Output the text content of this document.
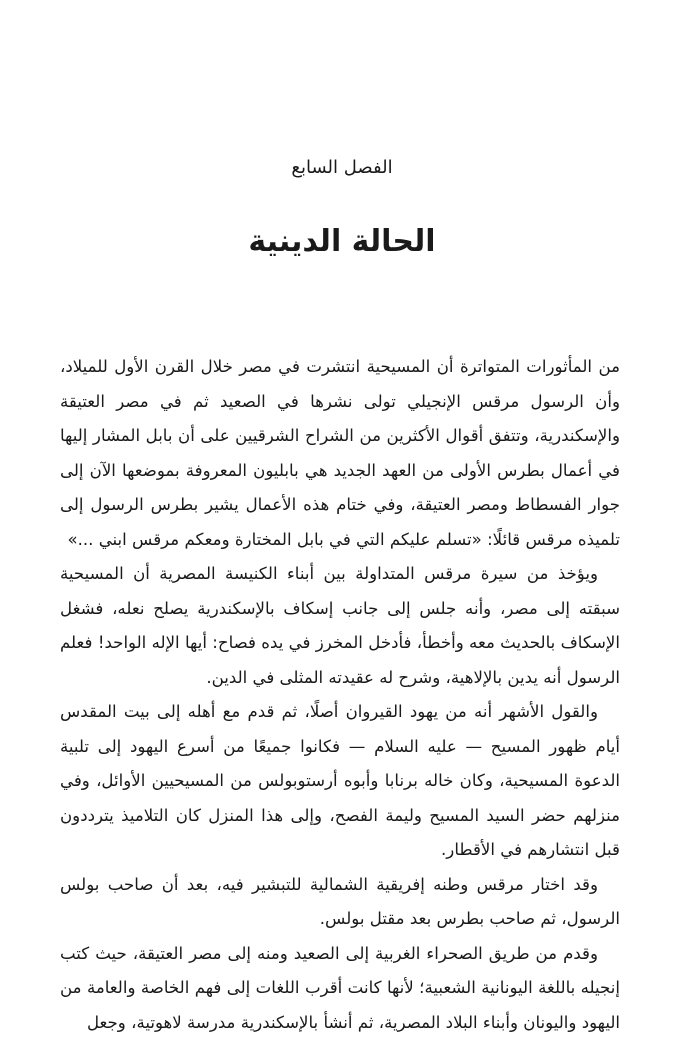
الفصل السابع
الحالة الدينية

من المأثورات المتواترة أن المسيحية انتشرت في مصر خلال القرن الأول للميلاد، وأن الرسول مرقس الإنجيلي تولى نشرها في الصعيد ثم في مصر العتيقة والإسكندرية، وتتفق أقوال الأكثرين من الشراح الشرقيين على أن بابل المشار إليها في أعمال بطرس الأولى من العهد الجديد هي بابليون المعروفة بموضعها الآن إلى جوار الفسطاط ومصر العتيقة، وفي ختام هذه الأعمال يشير بطرس الرسول إلى تلميذه مرقس قائلًا: «تسلم عليكم التي في بابل المختارة ومعكم مرقس ابني ...»

ويؤخذ من سيرة مرقس المتداولة بين أبناء الكنيسة المصرية أن المسيحية سبقته إلى مصر، وأنه جلس إلى جانب إسكاف بالإسكندرية يصلح نعله، فشغل الإسكاف بالحديث معه وأخطأ، فأدخل المخرز في يده فصاح: أيها الإله الواحد! فعلم الرسول أنه يدين بالإلاهية، وشرح له عقيدته المثلى في الدين.

والقول الأشهر أنه من يهود القيروان أصلًا، ثم قدم مع أهله إلى بيت المقدس أيام ظهور المسيح — عليه السلام — فكانوا جميعًا من أسرع اليهود إلى تلبية الدعوة المسيحية، وكان خاله برنابا وأبوه أرستوبولس من المسيحيين الأوائل، وفي منزلهم حضر السيد المسيح وليمة الفصح، وإلى هذا المنزل كان التلاميذ يترددون قبل انتشارهم في الأقطار.

وقد اختار مرقس وطنه إفريقية الشمالية للتبشير فيه، بعد أن صاحب بولس الرسول، ثم صاحب بطرس بعد مقتل بولس.

وقدم من طريق الصحراء الغربية إلى الصعيد ومنه إلى مصر العتيقة، حيث كتب إنجيله باللغة اليونانية الشعبية؛ لأنها كانت أقرب اللغات إلى فهم الخاصة والعامة من اليهود واليونان وأبناء البلاد المصرية، ثم أنشأ بالإسكندرية مدرسة لاهوتية، وجعل
